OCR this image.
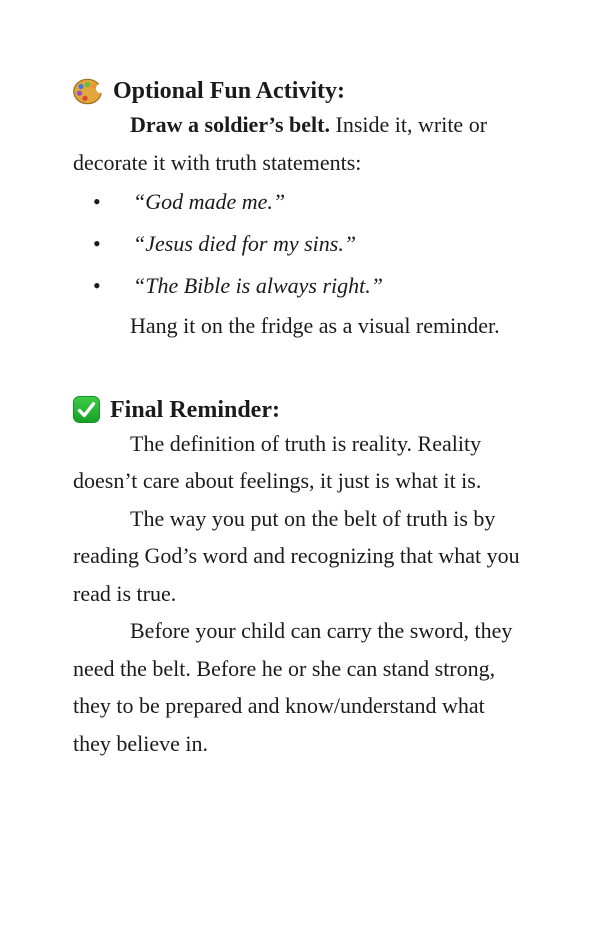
Optional Fun Activity:

Draw a soldier’s belt. Inside it, write or decorate it with truth statements:

•	“God made me.”
•	“Jesus died for my sins.”
•	“The Bible is always right.”

Hang it on the fridge as a visual reminder.

Final Reminder:

The definition of truth is reality. Reality doesn’t care about feelings, it just is what it is.

The way you put on the belt of truth is by reading God’s word and recognizing that what you read is true.

Before your child can carry the sword, they need the belt. Before he or she can stand strong, they to be prepared and know/understand what they believe in.
